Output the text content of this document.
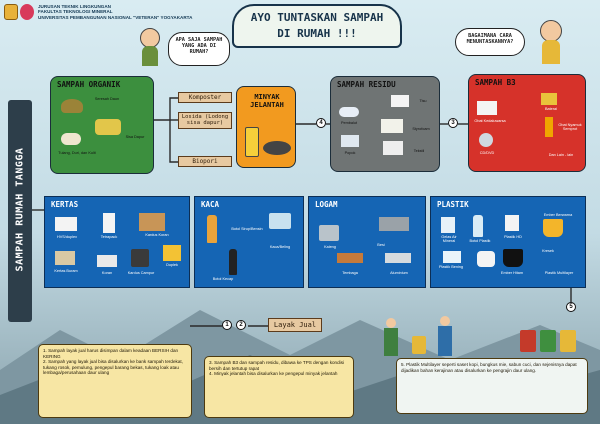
JURUSAN TEKNIK LINGKUNGAN
FAKULTAS TEKNOLOGI MINERAL
UNIVERSITAS PEMBANGUNAN NASIONAL "VETERAN" YOGYAKARTA	AYO TUNTASKAN SAMPAH
DI RUMAH !!!
APA SAJA SAMPAH YANG ADA DI RUMAH?
BAGAIMANA CARA MENUNTASKANNYA?
SAMPAH RUMAH TANGGA
SAMPAH ORGANIK
Seresah Daun
Sisa Dapur
Tulang, Duri, dan Kulit
Komposter
Losida (Lodong sisa dapur)
Biopori
MINYAK JELANTAH
4
SAMPAH RESIDU
Tisu
Pembalut
Styrofoam
Popok	Tekstil
3
SAMPAH B3
Baterai
Obat Kedaluwarsa
Obat Nyamuk Semprot
CD/DVD	Dan Lain - lain
KERTAS
HVS/duplex	Tetrapack	Kardus Koran
Kertas Buram	Koran	Kardus Campur
Duplek
KACA
Botol Sirup/Bensin
Kaca/Beling
Botol Kecap
LOGAM
Besi
Kaleng
Tembaga	Aluminium
PLASTIK
Gelas Air Mineral	Botol Plastik
Plastik HD
Ember Berwarna
Plastik Bening
Kresek
Ember Hitam	Plastik Multilayer
5
1	2	Layak Jual
1. Sampah layak jual harus disimpan dalam keadaan BERSIH dan KERING
2. Sampah yang layak jual bisa disalurkan ke bank sampah terdekat, tukang rosok, pemulung, pengepul barang bekas, tukang loak atau lembaga/perusahaan daur ulang
3. Sampah B3 dan sampah residu, dibawa ke TPS dengan kondisi bersih dan tertutup rapat
4. Minyak jelantah bisa disalurkan ke pengepul minyak jelantah
5. Plastik Multilayer seperti saset kopi, bungkus mie, sabun cuci, dan sejenisnya dapat dijadikan bahan kerajinan atau disalurkan ke pengrajin daur ulang.
